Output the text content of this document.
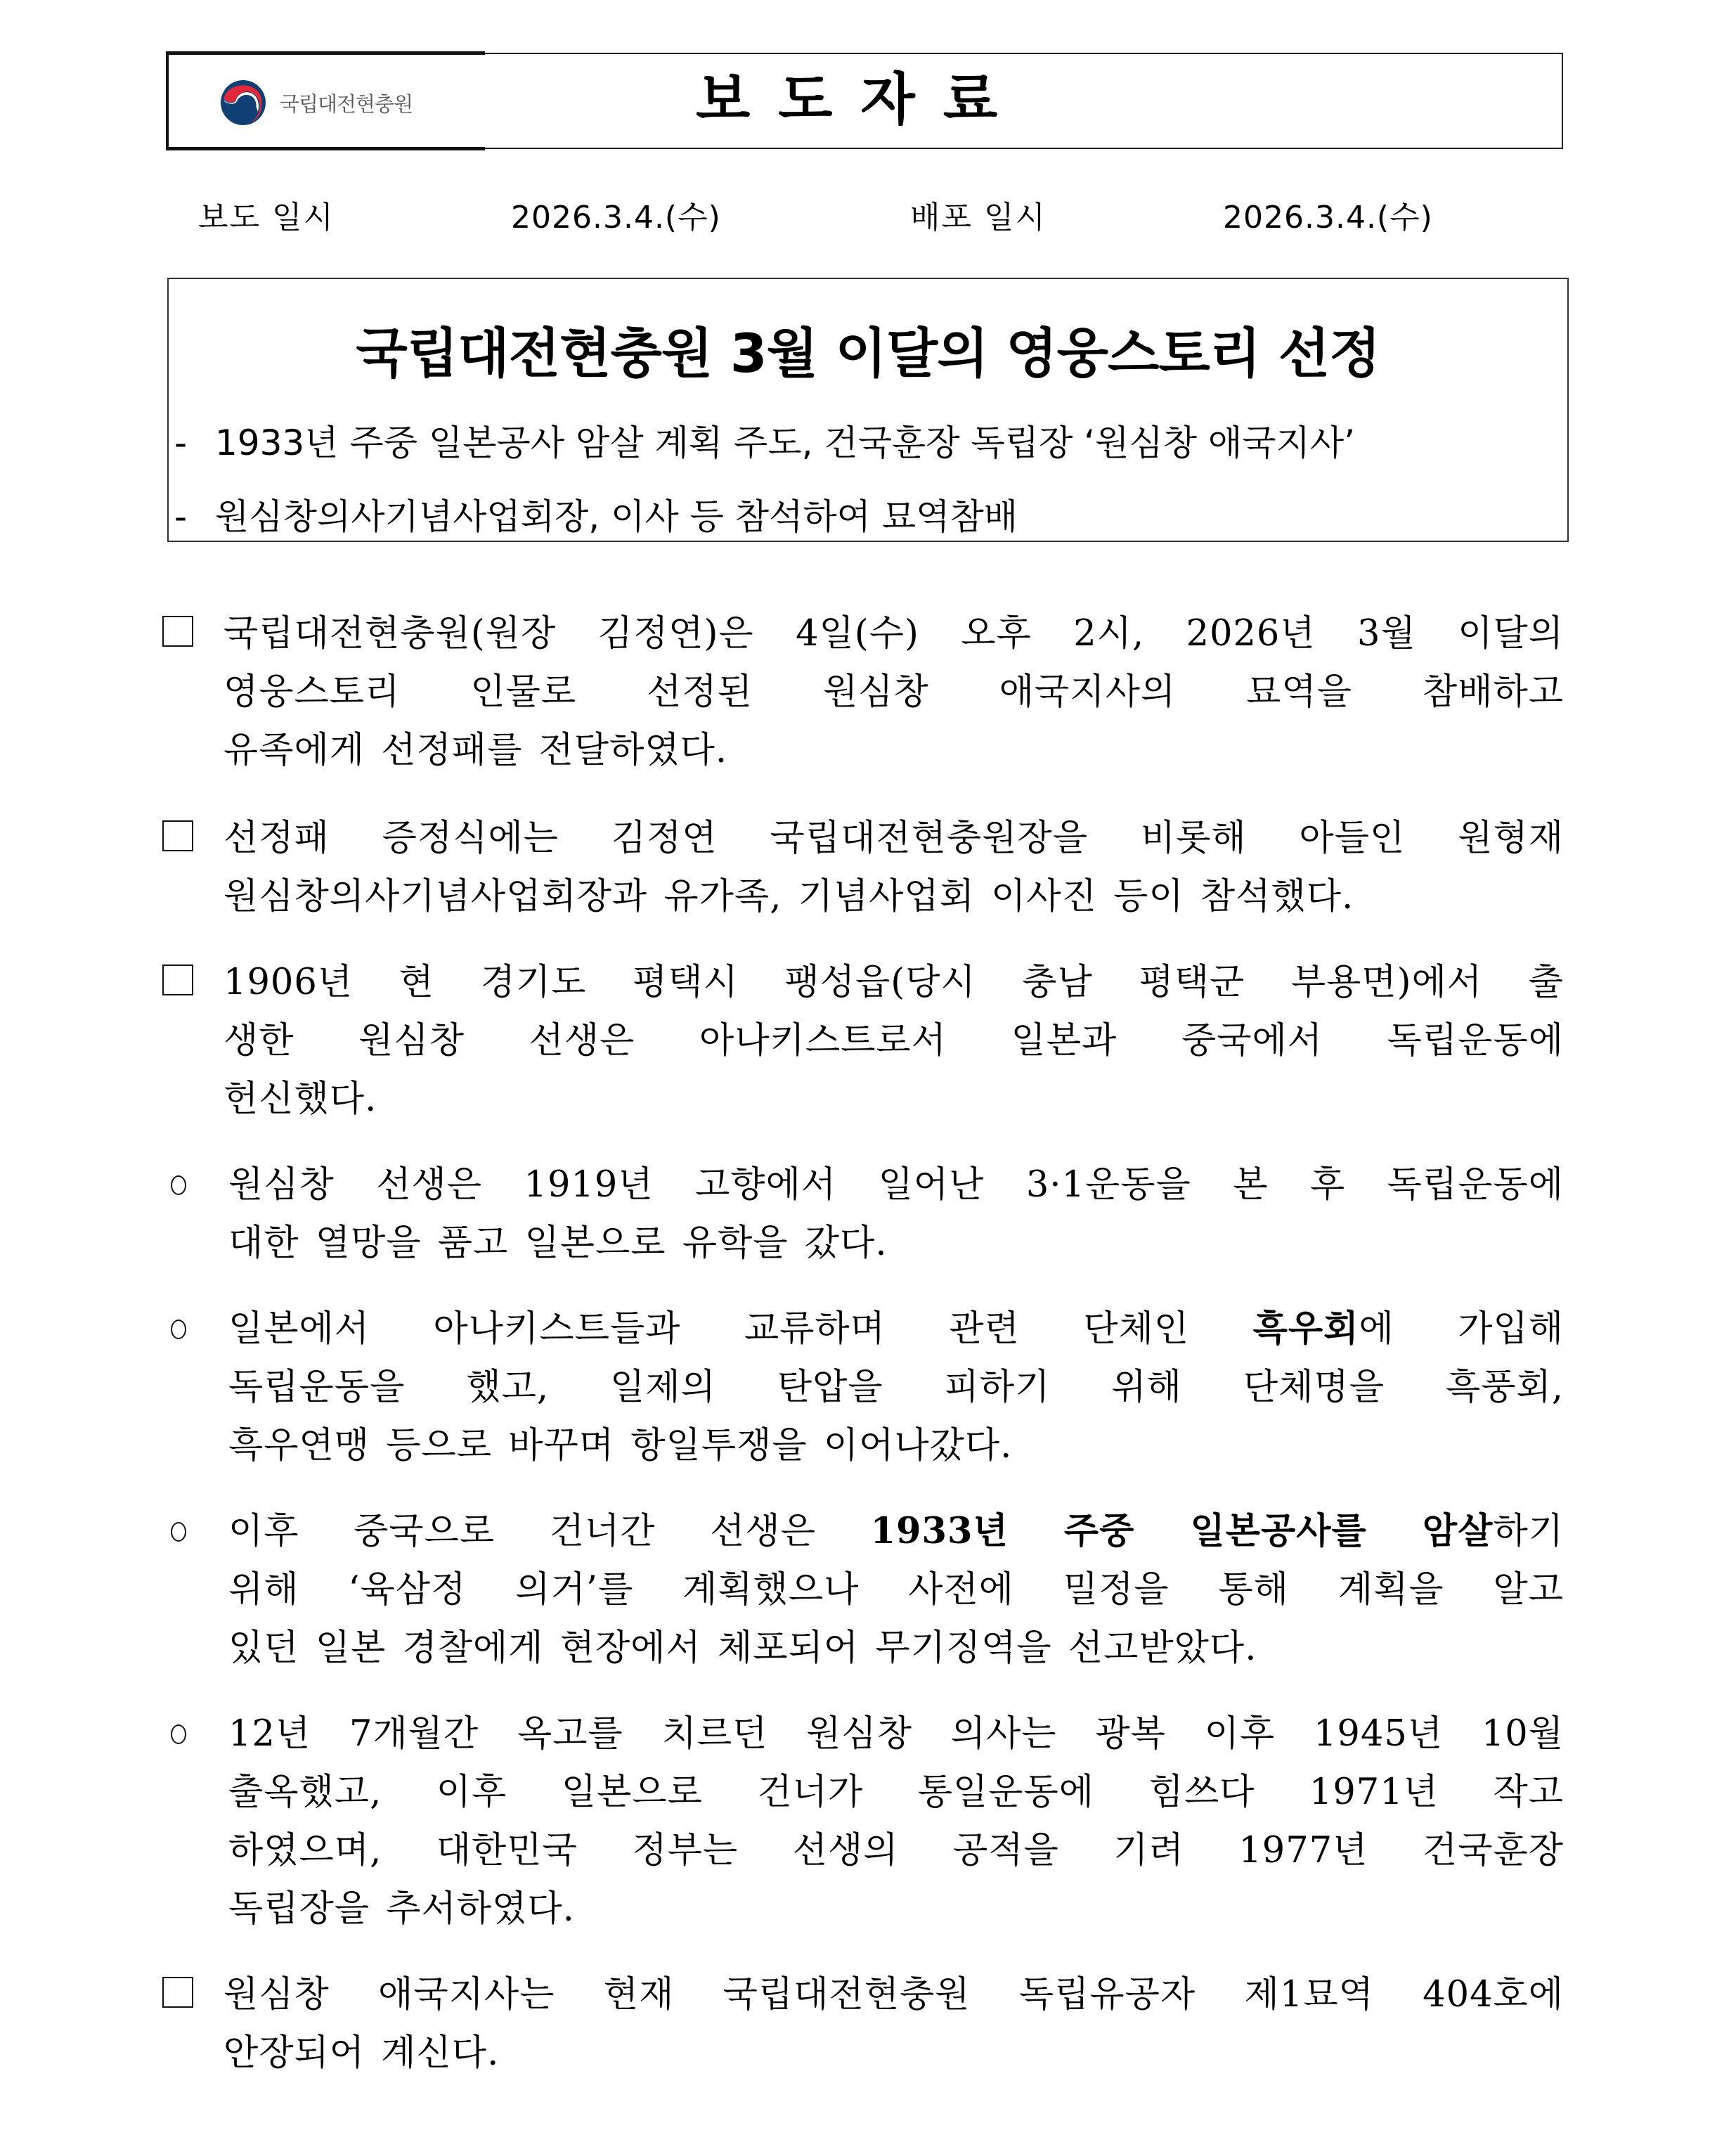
국립대전현충원	보도자료
보도 일시	2026.3.4.(수)	배포 일시	2026.3.4.(수)
국립대전현충원 3월 이달의 영웅스토리 선정
- 1933년 주중 일본공사 암살 계획 주도, 건국훈장 독립장 ‘원심창 애국지사’
- 원심창의사기념사업회장, 이사 등 참석하여 묘역참배
국립대전현충원(원장 김정연)은 4일(수) 오후 2시, 2026년 3월 이달의
영웅스토리 인물로 선정된 원심창 애국지사의 묘역을 참배하고
유족에게 선정패를 전달하였다.
선정패 증정식에는 김정연 국립대전현충원장을 비롯해 아들인 원형재
원심창의사기념사업회장과 유가족, 기념사업회 이사진 등이 참석했다.
1906년 현 경기도 평택시 팽성읍(당시 충남 평택군 부용면)에서 출
생한 원심창 선생은 아나키스트로서 일본과 중국에서 독립운동에
헌신했다.
원심창 선생은 1919년 고향에서 일어난 3·1운동을 본 후 독립운동에
대한 열망을 품고 일본으로 유학을 갔다.
일본에서 아나키스트들과 교류하며 관련 단체인 흑우회에 가입해
독립운동을 했고, 일제의 탄압을 피하기 위해 단체명을 흑풍회,
흑우연맹 등으로 바꾸며 항일투쟁을 이어나갔다.
이후 중국으로 건너간 선생은 1933년 주중 일본공사를 암살하기
위해 ‘육삼정 의거’를 계획했으나 사전에 밀정을 통해 계획을 알고
있던 일본 경찰에게 현장에서 체포되어 무기징역을 선고받았다.
12년 7개월간 옥고를 치르던 원심창 의사는 광복 이후 1945년 10월
출옥했고, 이후 일본으로 건너가 통일운동에 힘쓰다 1971년 작고
하였으며, 대한민국 정부는 선생의 공적을 기려 1977년 건국훈장
독립장을 추서하였다.
원심창 애국지사는 현재 국립대전현충원 독립유공자 제1묘역 404호에
안장되어 계신다.
